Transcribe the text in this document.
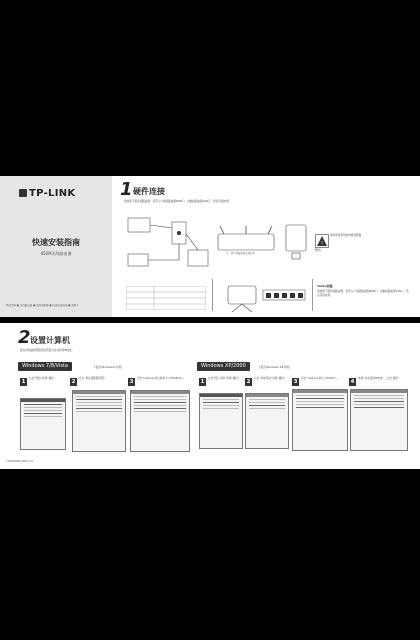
TP-LINK
快速安装指南
450M无线路由器
物品清单 ● 无线路由器 ● 电源适配器 ● 快速安装指南 ● 保修卡
1 硬件连接
请按照下图连接路由器：宽带入户线接路由器WAN口，电脑接路由器LAN口，然后连接电源。
注：图中设备数量仅供参考
!
警告
请勿使用非原装电源适配器
Turbo按键
请按照下图连接路由器：宽带入户线接路由器WAN口，电脑接路由器LAN口，然后连接电源。
2 设置计算机
建议将电脑的网络连接设置为自动获得IP地址。
Windows 7/8/Vista	下面以Windows7为例。	Windows XP/2000	下面以Windows XP为例。
1
右击“网络”选择“属性”。
2
点击“更改适配器设置”。
3
双击“Internet 协议版本 4 (TCP/IPv4)”。
1
右击“网上邻居”选择“属性”。
2
右击“本地连接”选择“属性”。
3
双击“Internet 协议 (TCP/IP)”。
4
选择“自动获得IP地址”，点击“确定”。
7103500681 REV1.0.0
